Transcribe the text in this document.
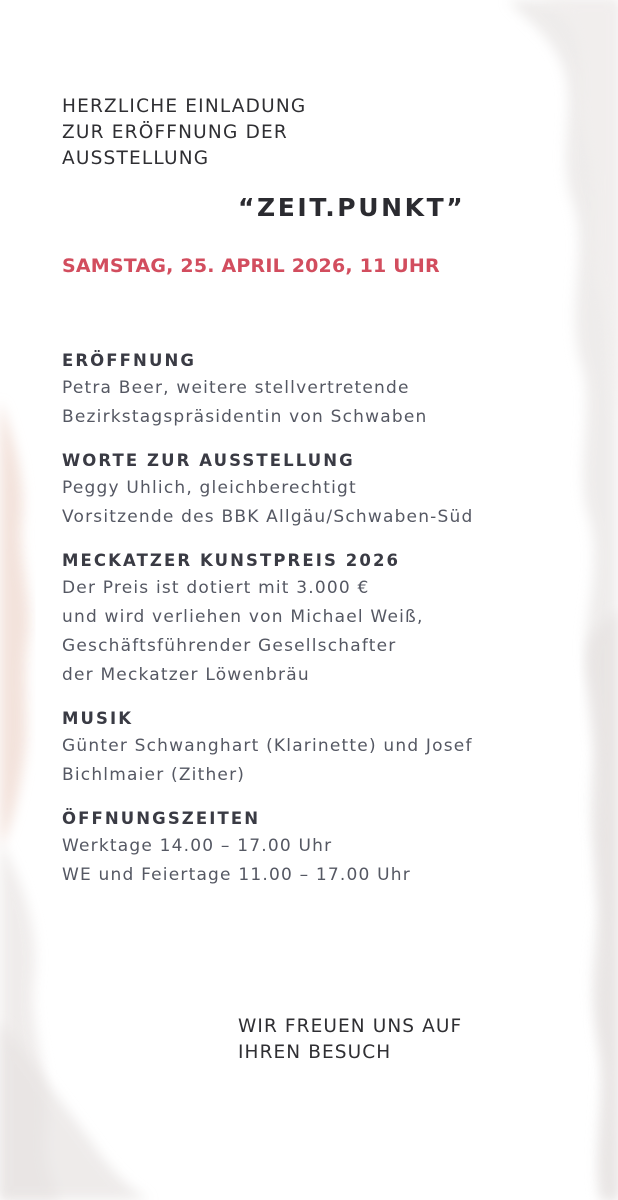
HERZLICHE EINLADUNG
ZUR ERÖFFNUNG DER
AUSSTELLUNG
“ZEIT.PUNKT”
SAMSTAG, 25. APRIL 2026, 11 UHR
ERÖFFNUNG
Petra Beer, weitere stellvertretende
Bezirkstagspräsidentin von Schwaben
WORTE ZUR AUSSTELLUNG
Peggy Uhlich, gleichberechtigt
Vorsitzende des BBK Allgäu/Schwaben-Süd
MECKATZER KUNSTPREIS 2026
Der Preis ist dotiert mit 3.000 €
und wird verliehen von Michael Weiß,
Geschäftsführender Gesellschafter
der Meckatzer Löwenbräu
MUSIK
Günter Schwanghart (Klarinette) und Josef
Bichlmaier (Zither)
ÖFFNUNGSZEITEN
Werktage 14.00 – 17.00 Uhr
WE und Feiertage 11.00 – 17.00 Uhr
WIR FREUEN UNS AUF
IHREN BESUCH
